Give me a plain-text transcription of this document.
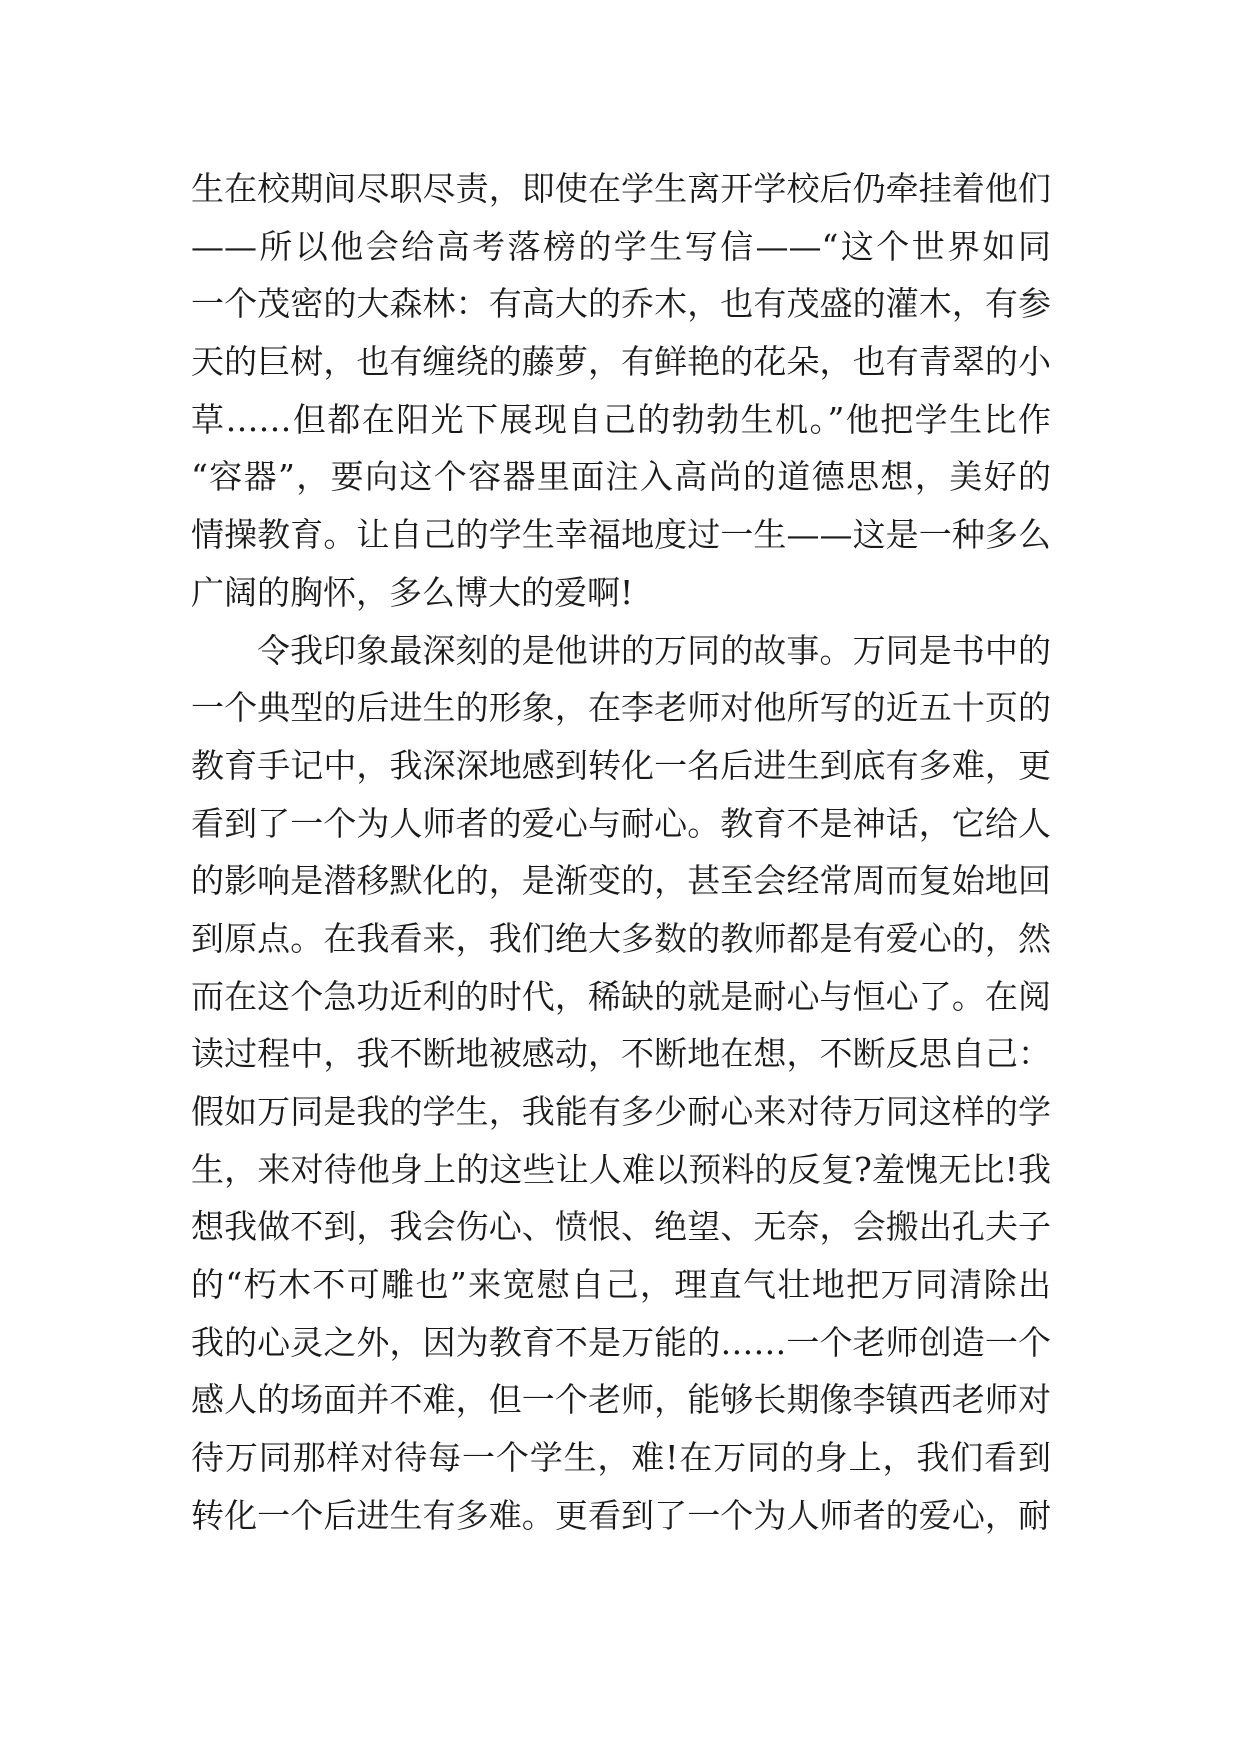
生在校期间尽职尽责，即使在学生离开学校后仍牵挂着他们
——所以他会给高考落榜的学生写信——“这个世界如同
一个茂密的大森林：有高大的乔木，也有茂盛的灌木，有参
天的巨树，也有缠绕的藤萝，有鲜艳的花朵，也有青翠的小
草……但都在阳光下展现自己的勃勃生机。”他把学生比作
“容器”，要向这个容器里面注入高尚的道德思想，美好的
情操教育。让自己的学生幸福地度过一生——这是一种多么
广阔的胸怀，多么博大的爱啊!
令我印象最深刻的是他讲的万同的故事。万同是书中的
一个典型的后进生的形象，在李老师对他所写的近五十页的
教育手记中，我深深地感到转化一名后进生到底有多难，更
看到了一个为人师者的爱心与耐心。教育不是神话，它给人
的影响是潜移默化的，是渐变的，甚至会经常周而复始地回
到原点。在我看来，我们绝大多数的教师都是有爱心的，然
而在这个急功近利的时代，稀缺的就是耐心与恒心了。在阅
读过程中，我不断地被感动，不断地在想，不断反思自己：
假如万同是我的学生，我能有多少耐心来对待万同这样的学
生，来对待他身上的这些让人难以预料的反复?羞愧无比!我
想我做不到，我会伤心、愤恨、绝望、无奈，会搬出孔夫子
的“朽木不可雕也”来宽慰自己，理直气壮地把万同清除出
我的心灵之外，因为教育不是万能的……一个老师创造一个
感人的场面并不难，但一个老师，能够长期像李镇西老师对
待万同那样对待每一个学生，难!在万同的身上，我们看到
转化一个后进生有多难。更看到了一个为人师者的爱心，耐
